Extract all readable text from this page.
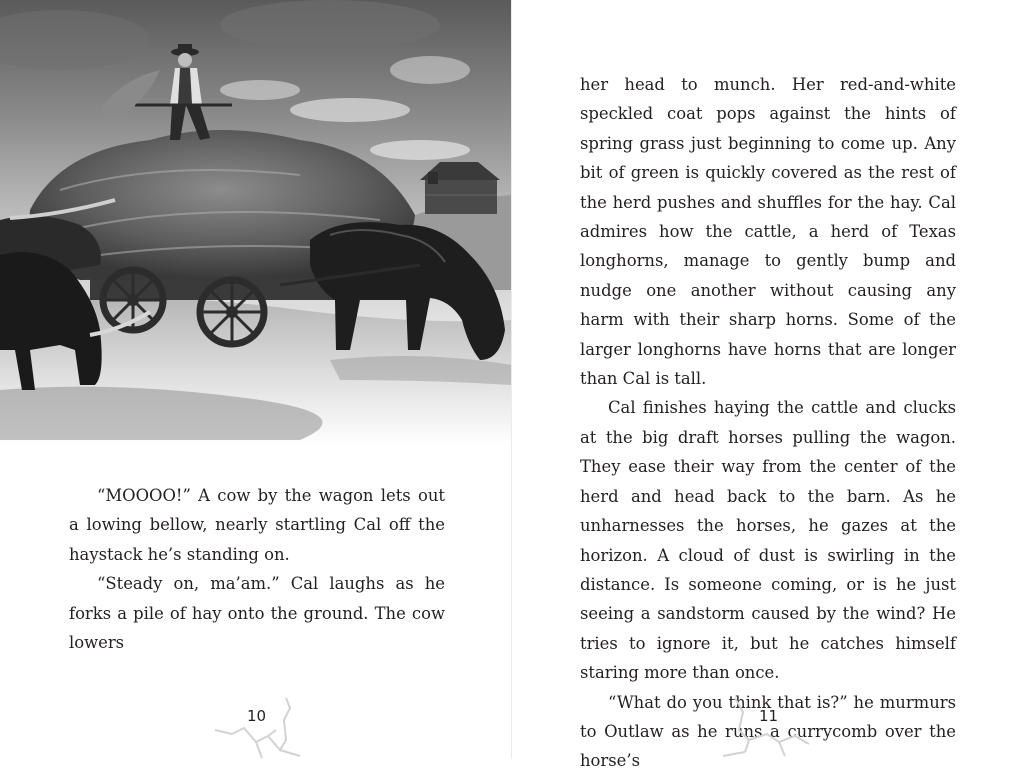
“MOOOO!” A cow by the wagon lets out a lowing bellow, nearly startling Cal off the haystack he’s standing on.

“Steady on, ma’am.” Cal laughs as he forks a pile of hay onto the ground. The cow lowers

10

her head to munch. Her red-and-white speckled coat pops against the hints of spring grass just beginning to come up. Any bit of green is quickly covered as the rest of the herd pushes and shuffles for the hay. Cal admires how the cattle, a herd of Texas longhorns, manage to gently bump and nudge one another without causing any harm with their sharp horns. Some of the larger longhorns have horns that are longer than Cal is tall.

Cal finishes haying the cattle and clucks at the big draft horses pulling the wagon. They ease their way from the center of the herd and head back to the barn. As he unharnesses the horses, he gazes at the horizon. A cloud of dust is swirling in the distance. Is someone coming, or is he just seeing a sandstorm caused by the wind? He tries to ignore it, but he catches himself staring more than once.

“What do you think that is?” he murmurs to Outlaw as he runs a currycomb over the horse’s

11
